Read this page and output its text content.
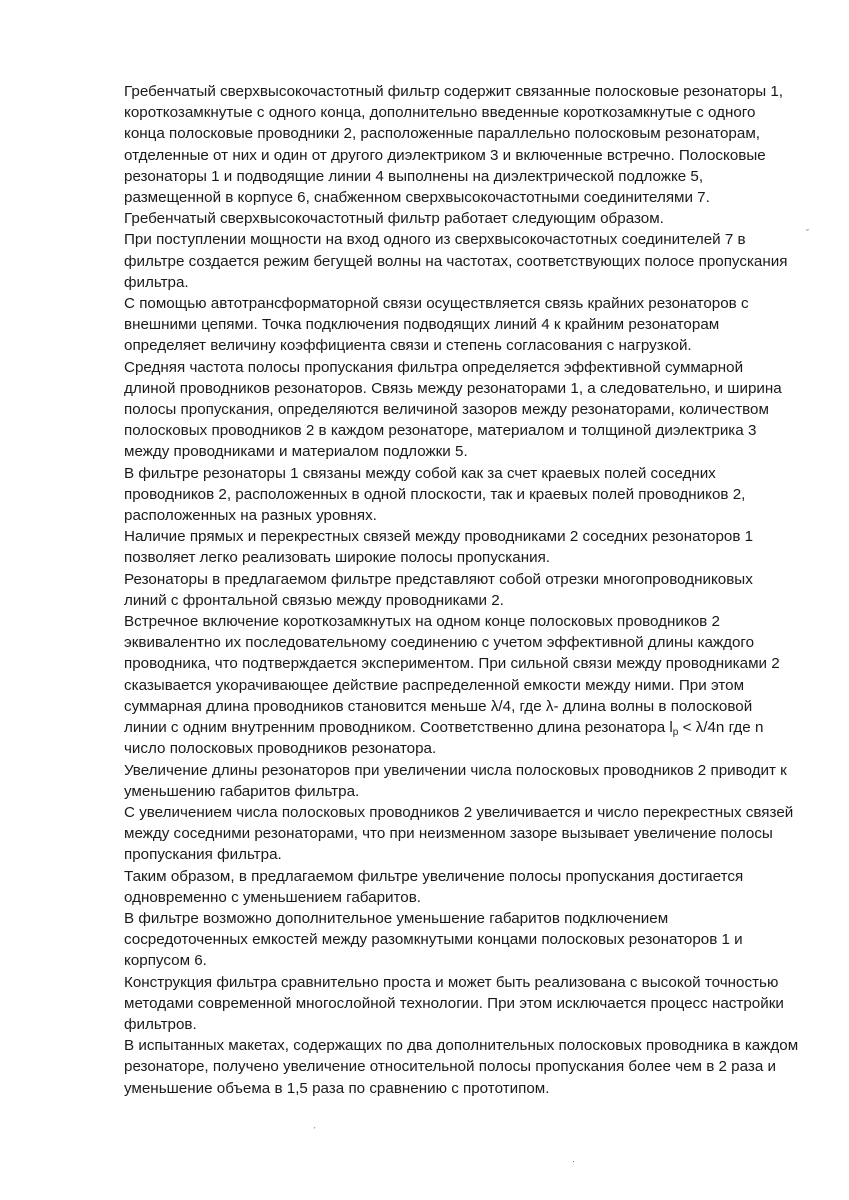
Гребенчатый сверхвысокочастотный фильтр содержит связанные полосковые резонаторы 1,

короткозамкнутые с одного конца, дополнительно введенные короткозамкнутые с одного

конца полосковые проводники 2, расположенные параллельно полосковым резонаторам,

отделенные от них и один от другого диэлектриком 3 и включенные встречно. Полосковые

резонаторы 1 и подводящие линии 4 выполнены на диэлектрической подложке 5,

размещенной в корпусе 6, снабженном сверхвысокочастотными соединителями 7.

Гребенчатый сверхвысокочастотный фильтр работает следующим образом.

При поступлении мощности на вход одного из сверхвысокочастотных соединителей 7 в

фильтре создается режим бегущей волны на частотах, соответствующих полосе пропускания

фильтра.

С помощью автотрансформаторной связи осуществляется связь крайних резонаторов с

внешними цепями. Точка подключения подводящих линий 4 к крайним резонаторам

определяет величину коэффициента связи и степень согласования с нагрузкой.

Средняя частота полосы пропускания фильтра определяется эффективной суммарной

длиной проводников резонаторов. Связь между резонаторами 1, а следовательно, и ширина

полосы пропускания, определяются величиной зазоров между резонаторами, количеством

полосковых проводников 2 в каждом резонаторе, материалом и толщиной диэлектрика 3

между проводниками и материалом подложки 5.

В фильтре резонаторы 1 связаны между собой как за счет краевых полей соседних

проводников 2, расположенных в одной плоскости, так и краевых полей проводников 2,

расположенных на разных уровнях.

Наличие прямых и перекрестных связей между проводниками 2 соседних резонаторов 1

позволяет легко реализовать широкие полосы пропускания.

Резонаторы в предлагаемом фильтре представляют собой отрезки многопроводниковых

линий с фронтальной связью между проводниками 2.

Встречное включение короткозамкнутых на одном конце полосковых проводников 2

эквивалентно их последовательному соединению с учетом эффективной длины каждого

проводника, что подтверждается экспериментом. При сильной связи между проводниками 2

сказывается укорачивающее действие распределенной емкости между ними. При этом

суммарная длина проводников становится меньше λ/4, где λ- длина волны в полосковой

линии с одним внутренним проводником. Соответственно длина резонатора $l_р < \lambda/4n$ где n

число полосковых проводников резонатора.

Увеличение длины резонаторов при увеличении числа полосковых проводников 2 приводит к

уменьшению габаритов фильтра.

С увеличением числа полосковых проводников 2 увеличивается и число перекрестных связей

между соседними резонаторами, что при неизменном зазоре вызывает увеличение полосы

пропускания фильтра.

Таким образом, в предлагаемом фильтре увеличение полосы пропускания достигается

одновременно с уменьшением габаритов.

В фильтре возможно дополнительное уменьшение габаритов подключением

сосредоточенных емкостей между разомкнутыми концами полосковых резонаторов 1 и

корпусом 6.

Конструкция фильтра сравнительно проста и может быть реализована с высокой точностью

методами современной многослойной технологии. При этом исключается процесс настройки

фильтров.

В испытанных макетах, содержащих по два дополнительных полосковых проводника в каждом

резонаторе, получено увеличение относительной полосы пропускания более чем в 2 раза и

уменьшение объема в 1,5 раза по сравнению с прототипом.

ˇ
ˊ
·
